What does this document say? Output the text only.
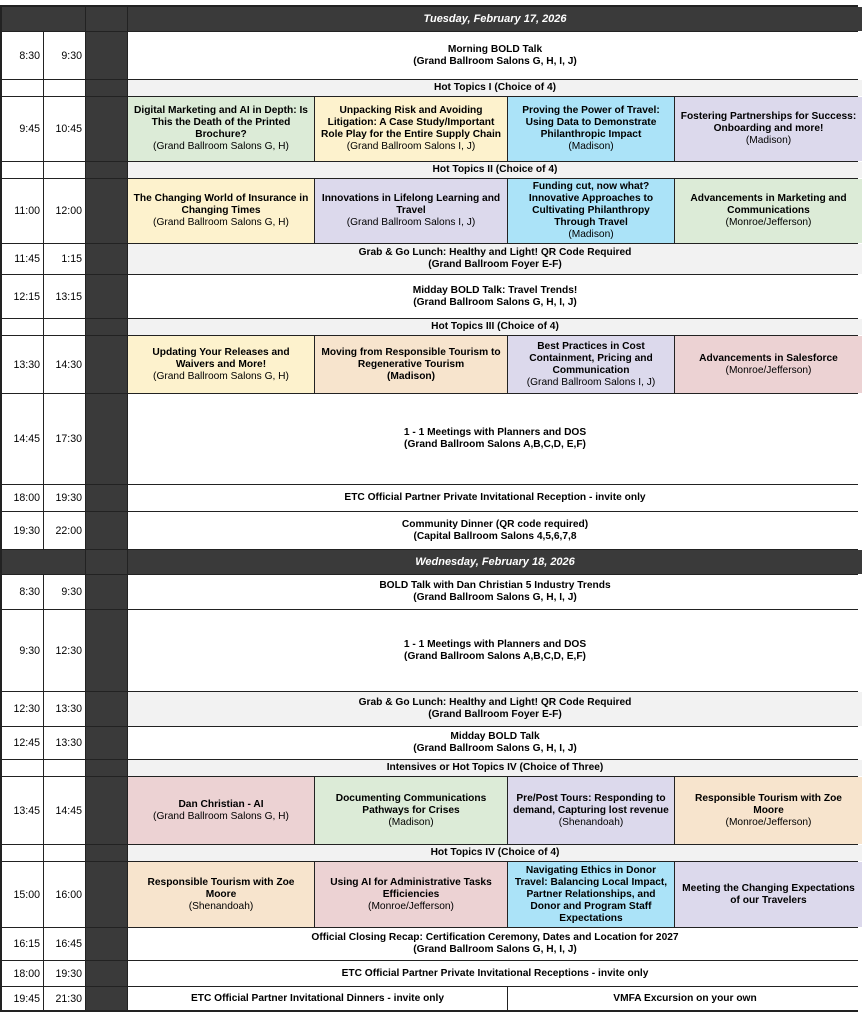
Tuesday, February 17, 2026
8:30	9:30
Morning BOLD Talk
(Grand Ballroom Salons G, H, I, J)
Hot Topics I (Choice of 4)
9:45	10:45
Digital Marketing and AI in Depth: Is This the Death of the Printed Brochure?
(Grand Ballroom Salons G, H)
Unpacking Risk and Avoiding Litigation: A Case Study/Important Role Play for the Entire Supply Chain
(Grand Ballroom Salons I, J)
Proving the Power of Travel: Using Data to Demonstrate Philanthropic Impact
(Madison)
Fostering Partnerships for Success: Onboarding and more!
(Madison)
Hot Topics II (Choice of 4)
11:00	12:00
The Changing World of Insurance in Changing Times
(Grand Ballroom Salons G, H)
Innovations in Lifelong Learning and Travel
(Grand Ballroom Salons I, J)
Funding cut, now what? Innovative Approaches to Cultivating Philanthropy Through Travel
(Madison)
Advancements in Marketing and Communications
(Monroe/Jefferson)
11:45	1:15
Grab & Go Lunch: Healthy and Light! QR Code Required
(Grand Ballroom Foyer E-F)
12:15	13:15
Midday BOLD Talk: Travel Trends!
(Grand Ballroom Salons G, H, I, J)
Hot Topics III (Choice of 4)
13:30	14:30
Updating Your Releases and Waivers and More!
(Grand Ballroom Salons G, H)
Moving from Responsible Tourism to Regenerative Tourism
(Madison)
Best Practices in Cost Containment, Pricing and Communication
(Grand Ballroom Salons I, J)
Advancements in Salesforce
(Monroe/Jefferson)
14:45	17:30
1 - 1 Meetings with Planners and DOS
(Grand Ballroom Salons A,B,C,D, E,F)
18:00	19:30	ETC Official Partner Private Invitational Reception - invite only
19:30	22:00
Community Dinner (QR code required)
(Capital Ballroom Salons 4,5,6,7,8
Wednesday, February 18, 2026
8:30	9:30
BOLD Talk with Dan Christian 5 Industry Trends
(Grand Ballroom Salons G, H, I, J)
9:30	12:30
1 - 1 Meetings with Planners and DOS
(Grand Ballroom Salons A,B,C,D, E,F)
12:30	13:30
Grab & Go Lunch: Healthy and Light! QR Code Required
(Grand Ballroom Foyer E-F)
12:45	13:30
Midday BOLD Talk
(Grand Ballroom Salons G, H, I, J)
Intensives or Hot Topics IV (Choice of Three)
13:45	14:45
Dan Christian - AI
(Grand Ballroom Salons G, H)
Documenting Communications Pathways for Crises
(Madison)
Pre/Post Tours: Responding to demand, Capturing lost revenue
(Shenandoah)
Responsible Tourism with Zoe Moore
(Monroe/Jefferson)
Hot Topics IV (Choice of 4)
15:00	16:00
Responsible Tourism with Zoe Moore
(Shenandoah)
Using AI for Administrative Tasks Efficiencies
(Monroe/Jefferson)
Navigating Ethics in Donor Travel: Balancing Local Impact, Partner Relationships, and Donor and Program Staff Expectations
Meeting the Changing Expectations of our Travelers
16:15	16:45
Official Closing Recap: Certification Ceremony, Dates and Location for 2027
(Grand Ballroom Salons G, H, I, J)
18:00	19:30	ETC Official Partner Private Invitational Receptions - invite only
19:45	21:30	ETC Official Partner Invitational Dinners - invite only	VMFA Excursion on your own
